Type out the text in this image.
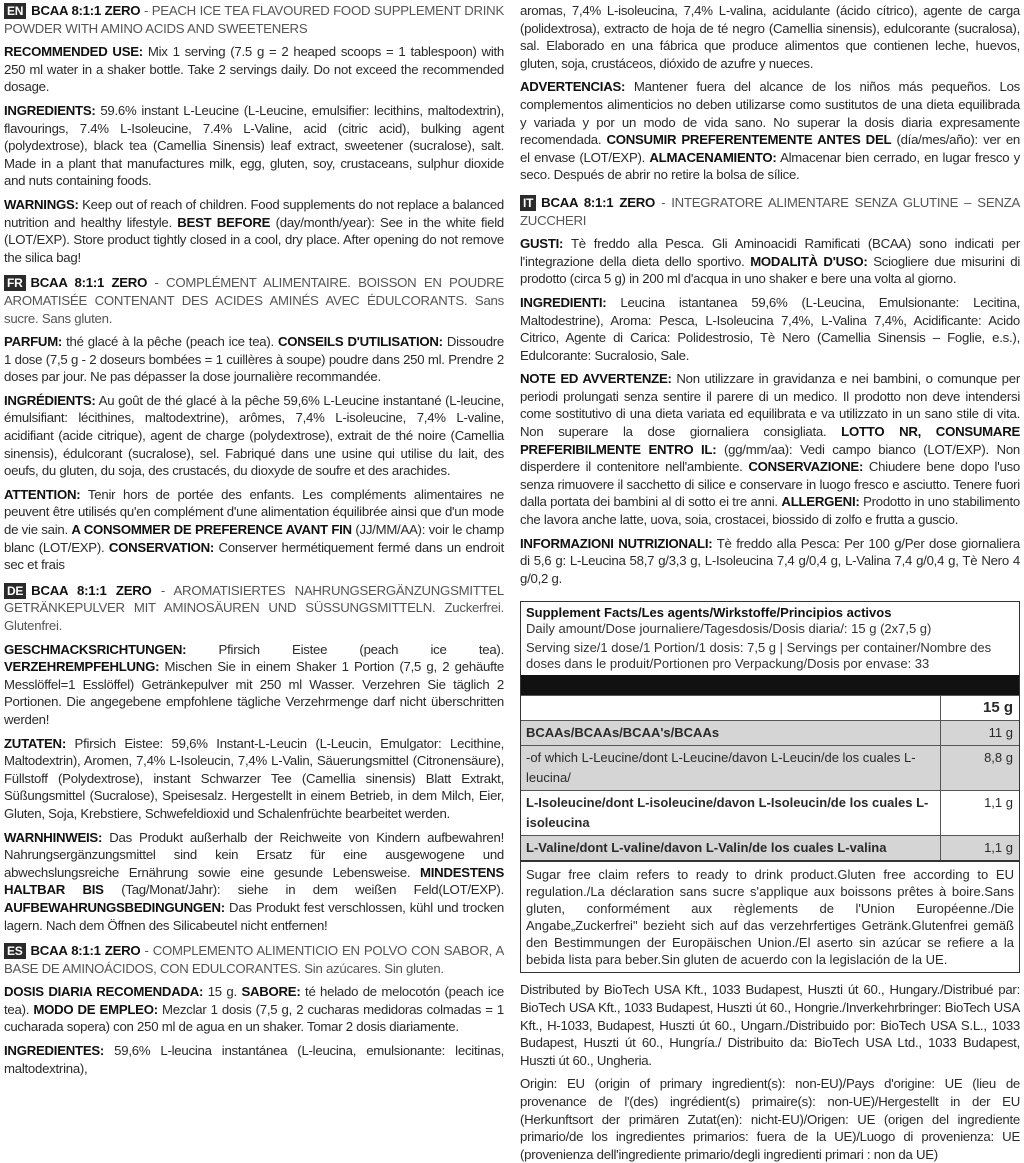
EN BCAA 8:1:1 ZERO - PEACH ICE TEA FLAVOURED FOOD SUPPLEMENT DRINK POWDER WITH AMINO ACIDS AND SWEETENERS

RECOMMENDED USE: Mix 1 serving (7.5 g = 2 heaped scoops = 1 tablespoon) with 250 ml water in a shaker bottle. Take 2 servings daily. Do not exceed the recommended dosage.

INGREDIENTS: 59.6% instant L-Leucine (L-Leucine, emulsifier: lecithins, maltodextrin), flavourings, 7.4% L-Isoleucine, 7.4% L-Valine, acid (citric acid), bulking agent (polydextrose), black tea (Camellia Sinensis) leaf extract, sweetener (sucralose), salt. Made in a plant that manufactures milk, egg, gluten, soy, crustaceans, sulphur dioxide and nuts containing foods.

WARNINGS: Keep out of reach of children. Food supplements do not replace a balanced nutrition and healthy lifestyle. BEST BEFORE (day/month/year): See in the white field (LOT/EXP). Store product tightly closed in a cool, dry place. After opening do not remove the silica bag!

FR BCAA 8:1:1 ZERO - COMPLÉMENT ALIMENTAIRE. BOISSON EN POUDRE AROMATISÉE CONTENANT DES ACIDES AMINÉS AVEC ÉDULCORANTS. Sans sucre. Sans gluten.

PARFUM: thé glacé à la pêche (peach ice tea). CONSEILS D'UTILISATION: Dissoudre 1 dose (7,5 g - 2 doseurs bombées = 1 cuillères à soupe) poudre dans 250 ml. Prendre 2 doses par jour. Ne pas dépasser la dose journalière recommandée.

INGRÉDIENTS: Au goût de thé glacé à la pêche 59,6% L-Leucine instantané (L-leucine, émulsifiant: lécithines, maltodextrine), arômes, 7,4% L-isoleucine, 7,4% L-valine, acidifiant (acide citrique), agent de charge (polydextrose), extrait de thé noire (Camellia sinensis), édulcorant (sucralose), sel. Fabriqué dans une usine qui utilise du lait, des oeufs, du gluten, du soja, des crustacés, du dioxyde de soufre et des arachides.

ATTENTION: Tenir hors de portée des enfants. Les compléments alimentaires ne peuvent être utilisés qu'en complément d'une alimentation équilibrée ainsi que d'un mode de vie sain. A CONSOMMER DE PREFERENCE AVANT FIN (JJ/MM/AA): voir le champ blanc (LOT/EXP). CONSERVATION: Conserver hermétiquement fermé dans un endroit sec et frais

DE BCAA 8:1:1 ZERO - AROMATISIERTES NAHRUNGSERGÄNZUNGSMITTEL GETRÄNKEPULVER MIT AMINOSÄUREN UND SÜSSUNGSMITTELN. Zuckerfrei. Glutenfrei.

GESCHMACKSRICHTUNGEN: Pfirsich Eistee (peach ice tea). VERZEHREMPFEHLUNG: Mischen Sie in einem Shaker 1 Portion (7,5 g, 2 gehäufte Messlöffel=1 Esslöffel) Getränkepulver mit 250 ml Wasser. Verzehren Sie täglich 2 Portionen. Die angegebene empfohlene tägliche Verzehrmenge darf nicht überschritten werden!

ZUTATEN: Pfirsich Eistee: 59,6% Instant-L-Leucin (L-Leucin, Emulgator: Lecithine, Maltodextrin), Aromen, 7,4% L-Isoleucin, 7,4% L-Valin, Säuerungsmittel (Citronensäure), Füllstoff (Polydextrose), instant Schwarzer Tee (Camellia sinensis) Blatt Extrakt, Süßungsmittel (Sucralose), Speisesalz. Hergestellt in einem Betrieb, in dem Milch, Eier, Gluten, Soja, Krebstiere, Schwefeldioxid und Schalenfrüchte bearbeitet werden.

WARNHINWEIS: Das Produkt außerhalb der Reichweite von Kindern aufbewahren! Nahrungsergänzungsmittel sind kein Ersatz für eine ausgewogene und abwechslungsreiche Ernährung sowie eine gesunde Lebensweise. MINDESTENS HALTBAR BIS (Tag/Monat/Jahr): siehe in dem weißen Feld(LOT/EXP). AUFBEWAHRUNGSBEDINGUNGEN: Das Produkt fest verschlossen, kühl und trocken lagern. Nach dem Öffnen des Silicabeutel nicht entfernen!

ES BCAA 8:1:1 ZERO - COMPLEMENTO ALIMENTICIO EN POLVO CON SABOR, A BASE DE AMINOÁCIDOS, CON EDULCORANTES. Sin azúcares. Sin gluten.

DOSIS DIARIA RECOMENDADA: 15 g. SABORE: té helado de melocotón (peach ice tea). MODO DE EMPLEO: Mezclar 1 dosis (7,5 g, 2 cucharas medidoras colmadas = 1 cucharada sopera) con 250 ml de agua en un shaker. Tomar 2 dosis diariamente.

INGREDIENTES: 59,6% L-leucina instantánea (L-leucina, emulsionante: lecitinas, maltodextrina),

aromas, 7,4% L-isoleucina, 7,4% L-valina, acidulante (ácido cítrico), agente de carga (polidextrosa), extracto de hoja de té negro (Camellia sinensis), edulcorante (sucralosa), sal. Elaborado en una fábrica que produce alimentos que contienen leche, huevos, gluten, soja, crustáceos, dióxido de azufre y nueces.

ADVERTENCIAS: Mantener fuera del alcance de los niños más pequeños. Los complementos alimenticios no deben utilizarse como sustitutos de una dieta equilibrada y variada y por un modo de vida sano. No superar la dosis diaria expresamente recomendada. CONSUMIR PREFERENTEMENTE ANTES DEL (día/mes/año): ver en el envase (LOT/EXP). ALMACENAMIENTO: Almacenar bien cerrado, en lugar fresco y seco. Después de abrir no retire la bolsa de sílice.

IT BCAA 8:1:1 ZERO - INTEGRATORE ALIMENTARE SENZA GLUTINE – SENZA ZUCCHERI

GUSTI: Tè freddo alla Pesca. Gli Aminoacidi Ramificati (BCAA) sono indicati per l'integrazione della dieta dello sportivo. MODALITÀ D'USO: Sciogliere due misurini di prodotto (circa 5 g) in 200 ml d'acqua in uno shaker e bere una volta al giorno.

INGREDIENTI: Leucina istantanea 59,6% (L-Leucina, Emulsionante: Lecitina, Maltodestrine), Aroma: Pesca, L-Isoleucina 7,4%, L-Valina 7,4%, Acidificante: Acido Citrico, Agente di Carica: Polidestrosio, Tè Nero (Camellia Sinensis – Foglie, e.s.), Edulcorante: Sucralosio, Sale.

NOTE ED AVVERTENZE: Non utilizzare in gravidanza e nei bambini, o comunque per periodi prolungati senza sentire il parere di un medico. Il prodotto non deve intendersi come sostitutivo di una dieta variata ed equilibrata e va utilizzato in un sano stile di vita. Non superare la dose giornaliera consigliata. LOTTO NR, CONSUMARE PREFERIBILMENTE ENTRO IL: (gg/mm/aa): Vedi campo bianco (LOT/EXP). Non disperdere il contenitore nell'ambiente. CONSERVAZIONE: Chiudere bene dopo l'uso senza rimuovere il sacchetto di silice e conservare in luogo fresco e asciutto. Tenere fuori dalla portata dei bambini al di sotto ei tre anni. ALLERGENI: Prodotto in uno stabilimento che lavora anche latte, uova, soia, crostacei, biossido di zolfo e frutta a guscio.

INFORMAZIONI NUTRIZIONALI: Tè freddo alla Pesca: Per 100 g/Per dose giornaliera di 5,6 g: L-Leucina 58,7 g/3,3 g, L-Isoleucina 7,4 g/0,4 g, L-Valina 7,4 g/0,4 g, Tè Nero 4 g/0,2 g.

Supplement Facts/Les agents/Wirkstoffe/Principios activos
Daily amount/Dose journaliere/Tagesdosis/Dosis diaria/: 15 g (2x7,5 g)
Serving size/1 dose/1 Portion/1 dosis: 7,5 g | Servings per container/Nombre des doses dans le produit/Portionen pro Verpackung/Dosis por envase: 33
15 g
BCAAs/BCAAs/BCAA's/BCAAs	11 g
-of which L-Leucine/dont L-Leucine/davon L-Leucin/de los cuales L-leucina/
8,8 g
L-Isoleucine/dont L-isoleucine/davon L-Isoleucin/de los cuales L-isoleucina
1,1 g
L-Valine/dont L-valine/davon L-Valin/de los cuales L-valina	1,1 g
Sugar free claim refers to ready to drink product.Gluten free according to EU regulation./La déclaration sans sucre s'applique aux boissons prêtes à boire.Sans gluten, conformément aux règlements de l'Union Européenne./Die Angabe„Zuckerfrei" bezieht sich auf das verzehrfertiges Getränk.Glutenfrei gemäß den Bestimmungen der Europäischen Union./El aserto sin azúcar se refiere a la bebida lista para beber.Sin gluten de acuerdo con la legislación de la UE.

Distributed by BioTech USA Kft., 1033 Budapest, Huszti út 60., Hungary./Distribué par: BioTech USA Kft., 1033 Budapest, Huszti út 60., Hongrie./Inverkehrbringer: BioTech USA Kft., H-1033, Budapest, Huszti út 60., Ungarn./Distribuido por: BioTech USA S.L., 1033 Budapest, Huszti út 60., Hungría./ Distribuito da: BioTech USA Ltd., 1033 Budapest, Huszti út 60., Ungheria.

Origin: EU (origin of primary ingredient(s): non-EU)/Pays d'origine: UE (lieu de provenance de l'(des) ingrédient(s) primaire(s): non-UE)/Hergestellt in der EU (Herkunftsort der primären Zutat(en): nicht-EU)/Origen: UE (origen del ingrediente primario/de los ingredientes primarios: fuera de la UE)/Luogo di provenienza: UE (provenienza dell'ingrediente primario/degli ingredienti primari : non da UE)
